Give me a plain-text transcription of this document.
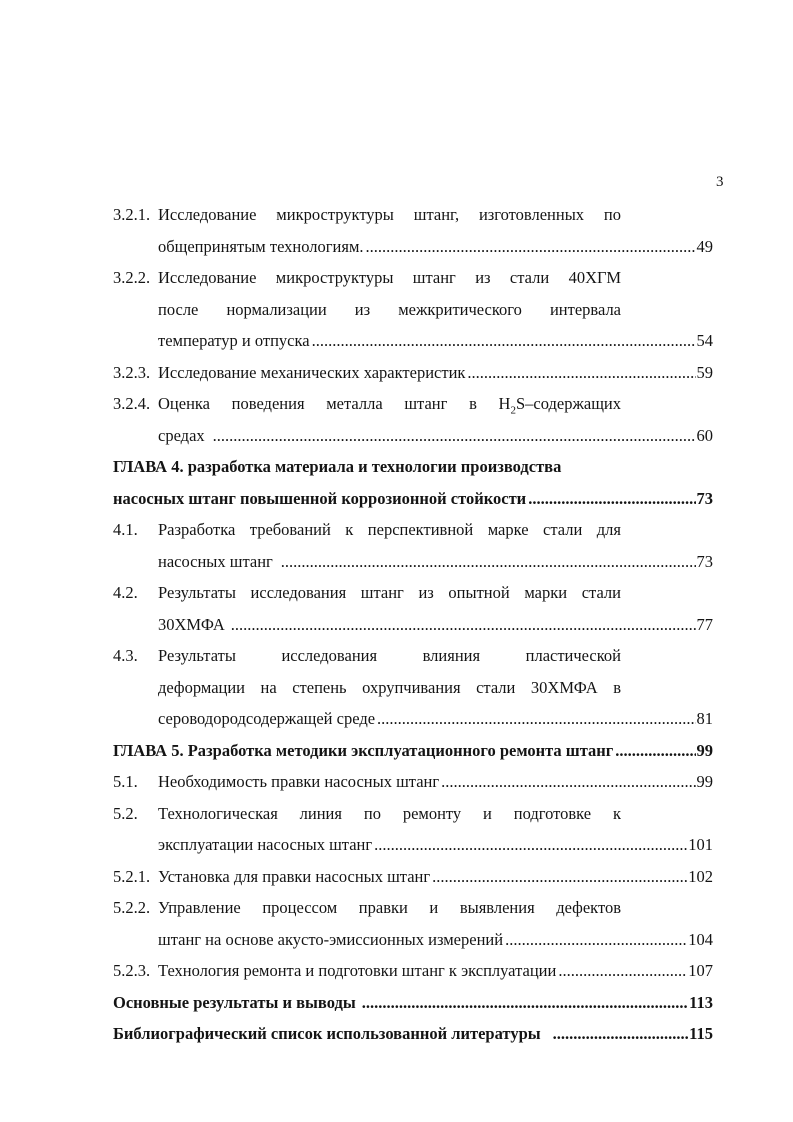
3
3.2.1. Исследование микроструктуры штанг, изготовленных по
общепринятым технологиям. .....	49
3.2.2. Исследование микроструктуры штанг из стали 40ХГМ
после нормализации из межкритического интервала
температур и отпуска .....	54
3.2.3. Исследование механических характеристик .....	59
3.2.4. Оценка поведения металла штанг в $H_2S$–содержащих
средах .....	60
ГЛАВА 4. разработка материала и технологии производства
насосных штанг повышенной коррозионной стойкости .....	73
4.1.	Разработка требований к перспективной марке стали для
насосных штанг .....	73
4.2.	Результаты исследования штанг из опытной марки стали
30ХМФА .....	77
4.3.	Результаты исследования влияния пластической
деформации на степень охрупчивания стали 30ХМФА в
сероводородсодержащей среде .....	81
ГЛАВА 5. Разработка методики эксплуатационного ремонта штанг .....	99
5.1.	Необходимость правки насосных штанг .....	99
5.2.	Технологическая линия по ремонту и подготовке к
эксплуатации насосных штанг .....	101
5.2.1. Установка для правки насосных штанг .....	102
5.2.2. Управление процессом правки и выявления дефектов
штанг на основе акусто-эмиссионных измерений .....	104
5.2.3. Технология ремонта и подготовки штанг к эксплуатации .....	107
Основные результаты и выводы .....	113
Библиографический список использованной литературы .....	115
